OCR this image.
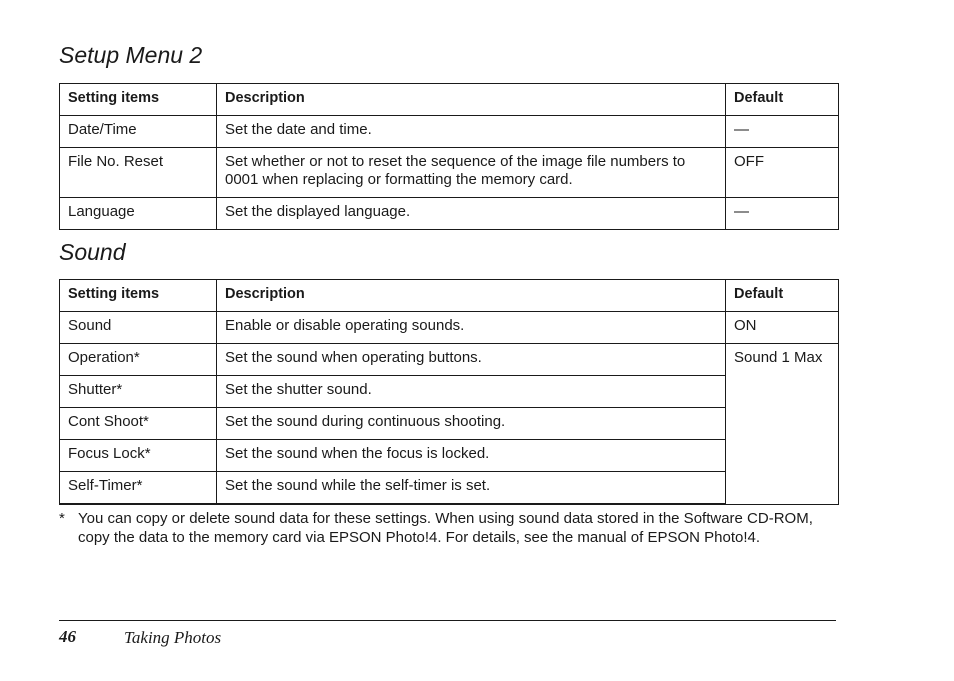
Setup Menu 2
Setting items	Description	Default
Date/Time	Set the date and time.	—
File No. Reset	Set whether or not to reset the sequence of the image file numbers to 0001 when replacing or formatting the memory card.	OFF
Language	Set the displayed language.	—
Sound
Setting items	Description	Default
Sound	Enable or disable operating sounds.	ON
Operation*	Set the sound when operating buttons.	Sound 1 Max
Shutter*	Set the shutter sound.	
Cont Shoot*	Set the sound during continuous shooting.	
Focus Lock*	Set the sound when the focus is locked.	
Self-Timer*	Set the sound while the self-timer is set.	
* You can copy or delete sound data for these settings. When using sound data stored in the Software CD-ROM, copy the data to the memory card via EPSON Photo!4. For details, see the manual of EPSON Photo!4.
46	Taking Photos
